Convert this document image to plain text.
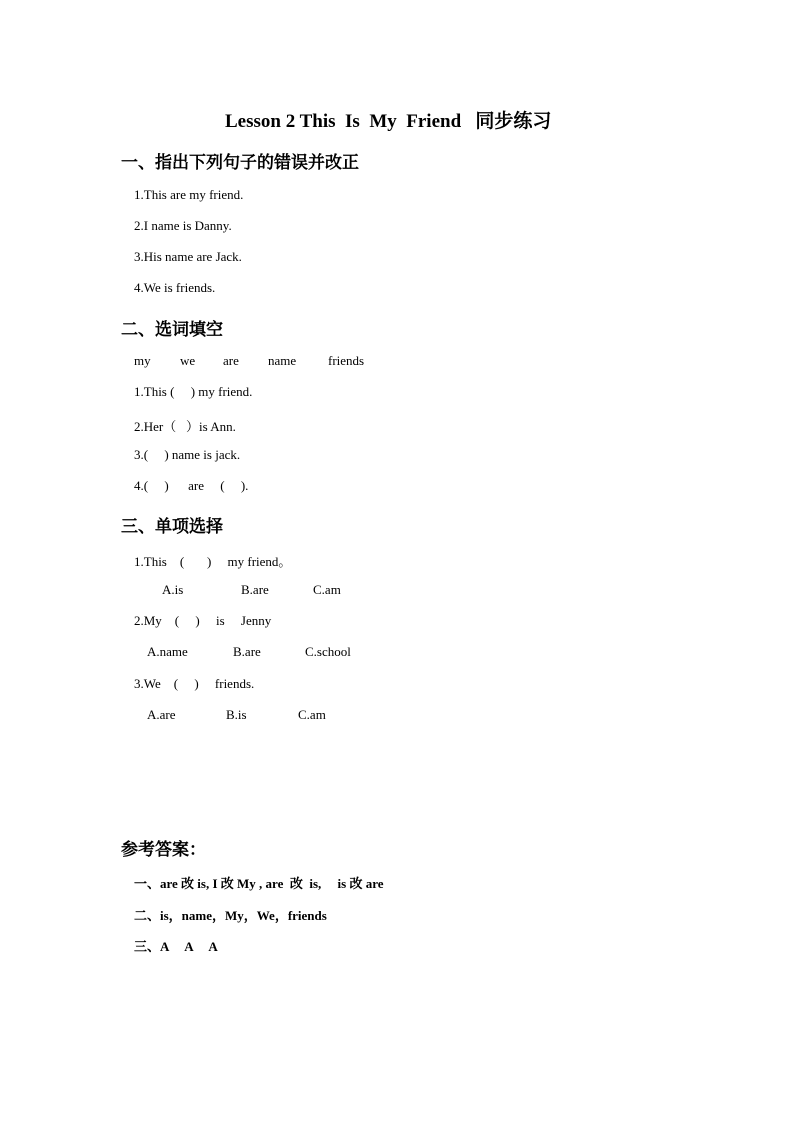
Lesson 2 This  Is  My  Friend   同步练习
一、指出下列句子的错误并改正
1.This are my friend.
2.I name is Danny.
3.His name are Jack.
4.We is friends.
二、选词填空
my we are name friends
1.This (     ) my friend.
2.Her（   ）is Ann.
3.(     ) name is jack.
4.(     )      are     (     ).
三、单项选择
1.This    (       )     my friend。
A.is	B.are	C.am
2.My    (     )     is     Jenny
A.name	B.are	C.school
3.We    (     )     friends.
A.are	B.is	C.am
参考答案：
一、are 改 is, I 改 My , are  改  is,     is 改 are
二、is，name，My，We，friends
三、A     A     A
